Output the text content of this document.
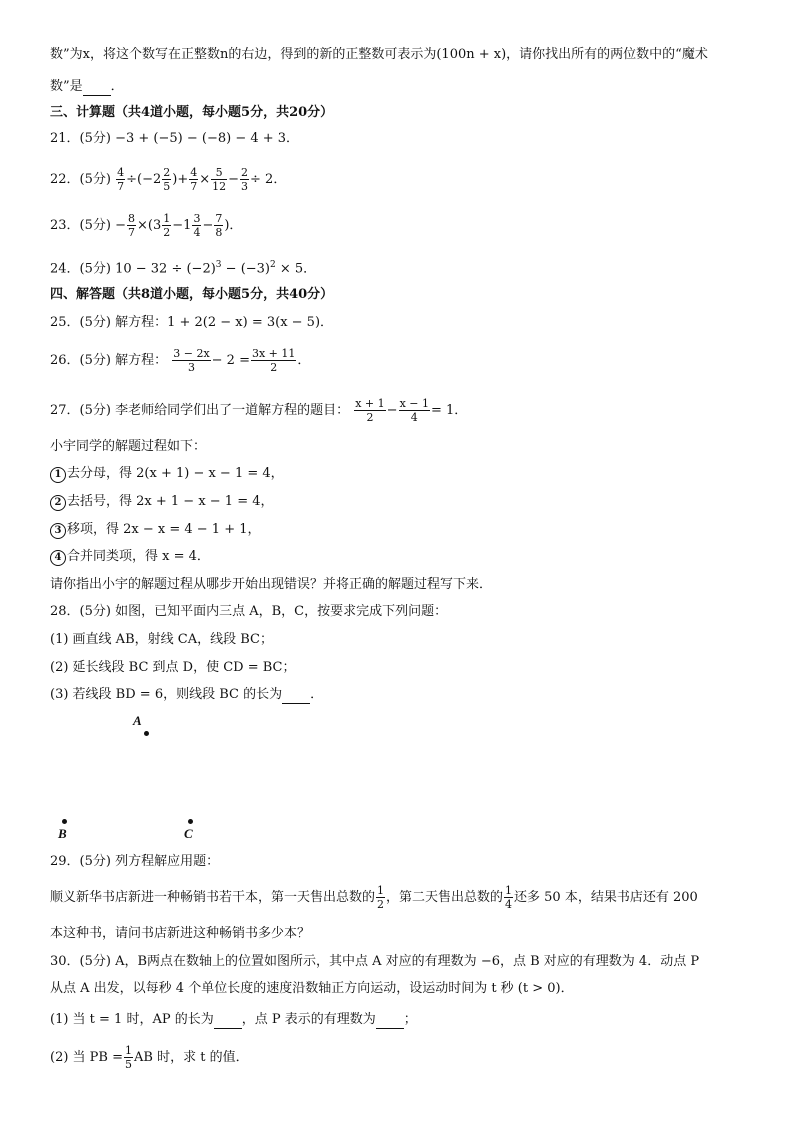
数”为x，将这个数写在正整数n的右边，得到的新的正整数可表示为(100n + x)，请你找出所有的两位数中的“魔术
数”是 ．
三、计算题（共4道小题，每小题5分，共20分）
21．(5分) −3 + (−5) − (−8) − 4 + 3．
22．(5分) $\frac{4}{7} \div(-2 \frac{2}{5}$ )+ $\frac{4}{7} \times \frac{5}{12} - \frac{2}{3} \div 2$．
23．(5分) − $\frac{8}{7} \times(3 \frac{1}{2} -1 \frac{3}{4} - \frac{7}{8}$ )．
24．(5分) $10 - 32 \div (-2)^3 - (-3)^2 \times 5$．
四、解答题（共8道小题，每小题5分，共40分）
25．(5分) 解方程：1 + 2(2 − x) = 3(x − 5)．
26．(5分) 解方程： $\frac{3 - 2x}{3} - 2 = \frac{3x + 11}{2}$ ．
27．(5分) 李老师给同学们出了一道解方程的题目： $\frac{x + 1}{2} - \frac{x - 1}{4} = 1$．
小宇同学的解题过程如下：
1 去分母，得 2(x + 1) − x − 1 = 4，
2 去括号，得 2x + 1 − x − 1 = 4，
3 移项，得 2x − x = 4 − 1 + 1，
4 合并同类项，得 x = 4．
请你指出小宇的解题过程从哪步开始出现错误？并将正确的解题过程写下来．
28．(5分) 如图，已知平面内三点 A，B，C，按要求完成下列问题：
(1) 画直线 AB，射线 CA，线段 BC；
(2) 延长线段 BC 到点 D，使 CD = BC；
(3) 若线段 BD = 6，则线段 BC 的长为 ．
A
B	C
29．(5分) 列方程解应用题：
顺义新华书店新进一种畅销书若干本，第一天售出总数的 $\frac{1}{2}$ ，第二天售出总数的 $\frac{1}{4}$ 还多 50 本，结果书店还有 200
本这种书，请问书店新进这种畅销书多少本？
30．(5分) A，B两点在数轴上的位置如图所示，其中点 A 对应的有理数为 −6，点 B 对应的有理数为 4．动点 P
从点 A 出发，以每秒 4 个单位长度的速度沿数轴正方向运动，设运动时间为 t 秒 (t > 0)．
(1) 当 t = 1 时，AP 的长为 ，点 P 表示的有理数为 ；
(2) 当 PB = $\frac{1}{5}$ AB 时，求 t 的值．
